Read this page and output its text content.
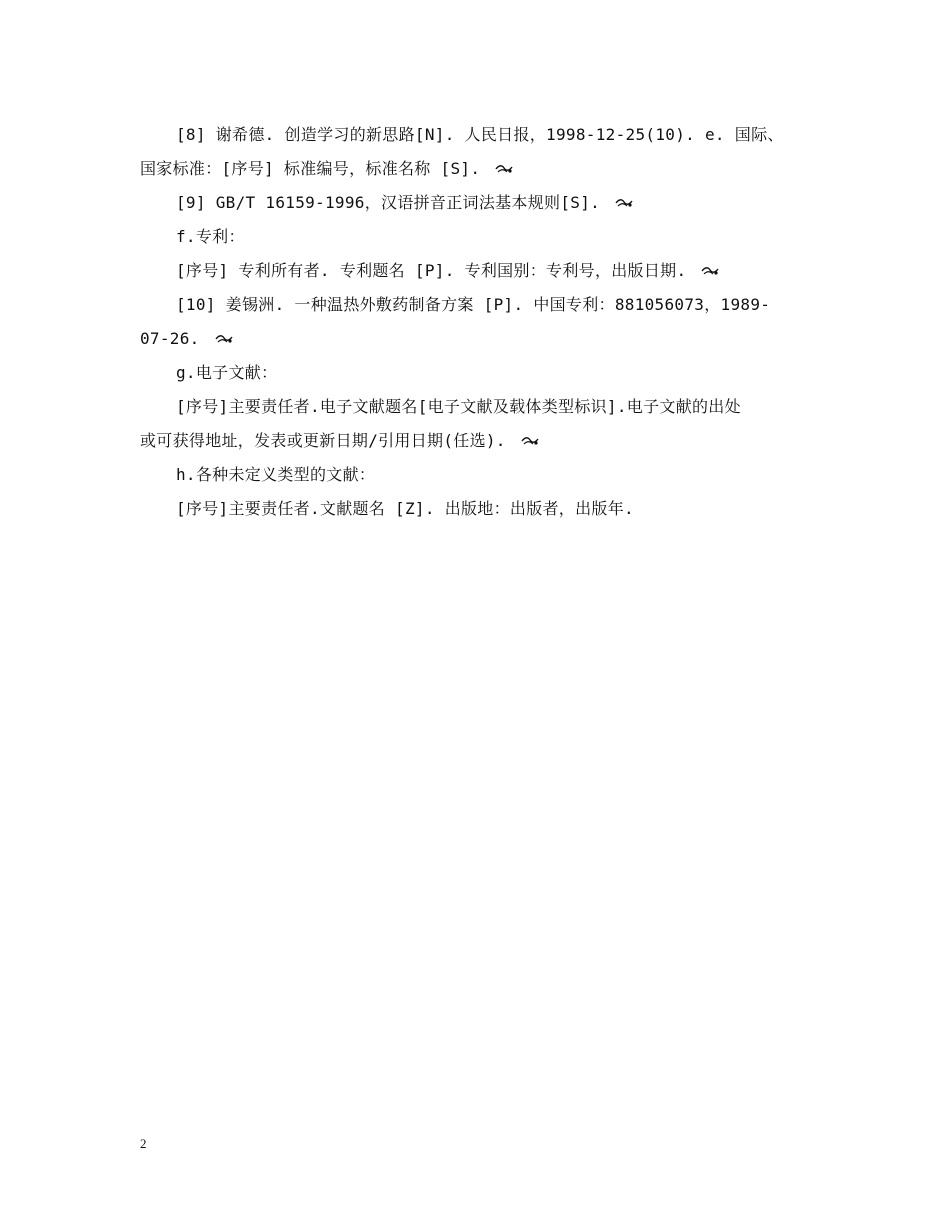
[8] 谢希德. 创造学习的新思路[N]. 人民日报，1998-12-25(10). e. 国际、
国家标准：[序号] 标准编号，标准名称 [S].
[9] GB/T 16159-1996，汉语拼音正词法基本规则[S].
f.专利：
[序号] 专利所有者. 专利题名 [P]. 专利国别：专利号，出版日期.
[10] 姜锡洲. 一种温热外敷药制备方案 [P]. 中国专利：881056073，1989-
07-26.
g.电子文献：
[序号]主要责任者.电子文献题名[电子文献及载体类型标识].电子文献的出处
或可获得地址，发表或更新日期/引用日期(任选).
h.各种未定义类型的文献：
[序号]主要责任者.文献题名 [Z]. 出版地：出版者，出版年.
2
